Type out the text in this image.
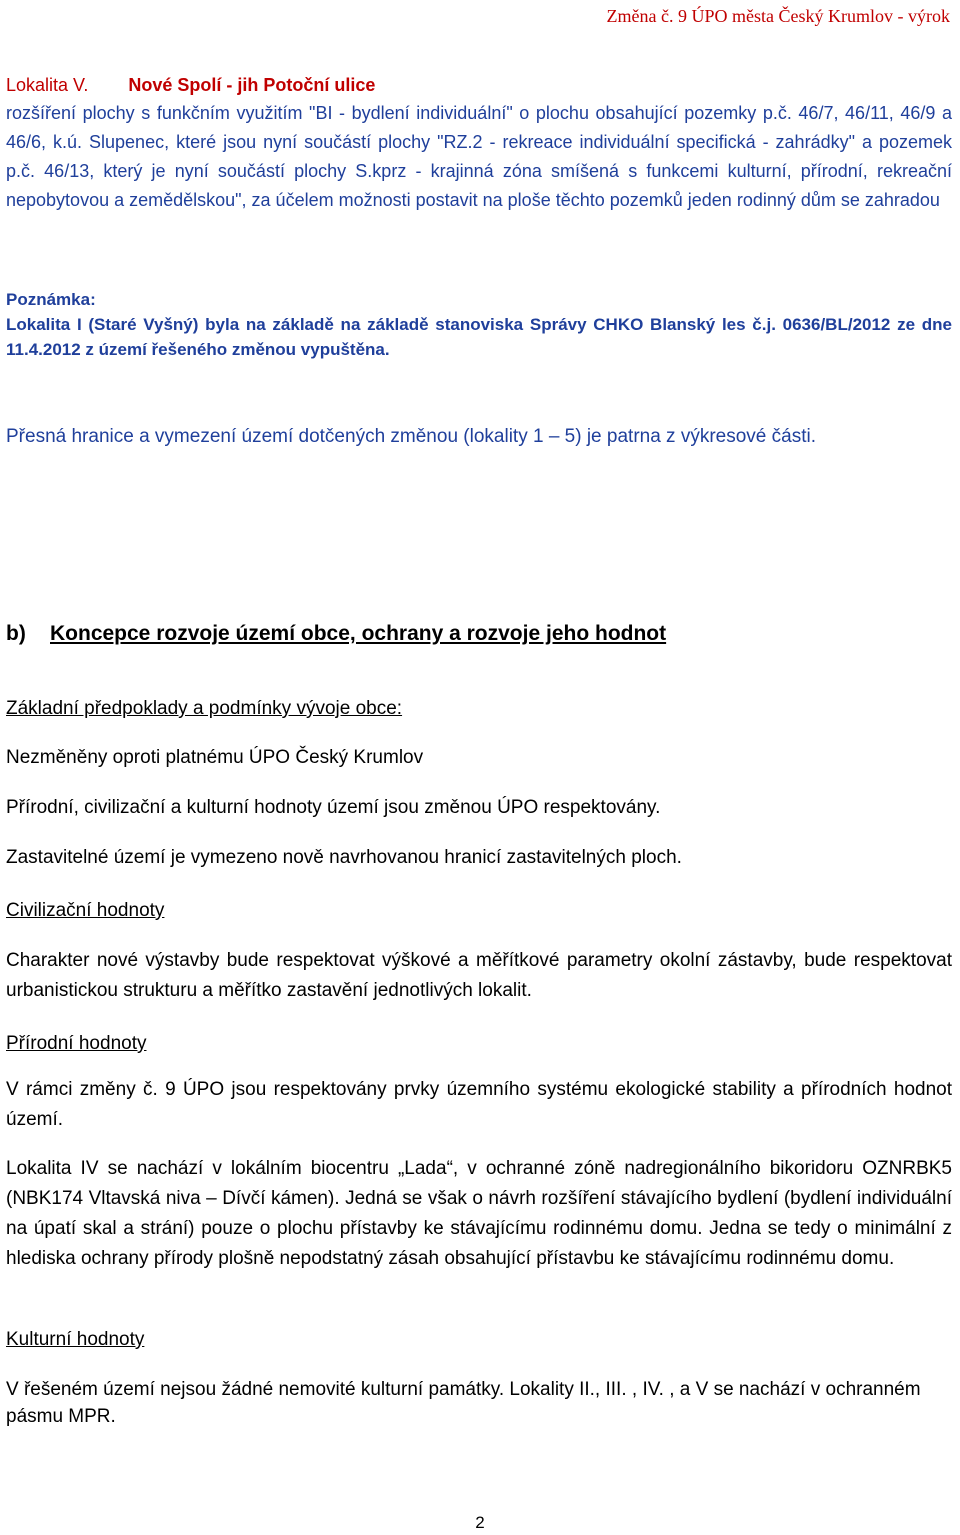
Změna č. 9 ÚPO města Český Krumlov - výrok
Lokalita V. Nové Spolí - jih Potoční ulice
rozšíření plochy s funkčním využitím "BI - bydlení individuální" o plochu obsahující pozemky p.č. 46/7, 46/11, 46/9 a 46/6, k.ú. Slupenec, které jsou nyní součástí plochy "RZ.2 - rekreace individuální specifická - zahrádky" a pozemek p.č. 46/13, který je nyní součástí plochy S.kprz - krajinná zóna smíšená s funkcemi kulturní, přírodní, rekreační nepobytovou a zemědělskou", za účelem možnosti postavit na ploše těchto pozemků jeden rodinný dům se zahradou
Poznámka:
Lokalita I (Staré Vyšný) byla na základě na základě stanoviska Správy CHKO Blanský les č.j. 0636/BL/2012 ze dne 11.4.2012 z území řešeného změnou vypuštěna.
Přesná hranice a vymezení území dotčených změnou (lokality 1 – 5) je patrna z výkresové části.
b) Koncepce rozvoje území obce, ochrany a rozvoje jeho hodnot
Základní předpoklady a podmínky vývoje obce:
Nezměněny oproti platnému ÚPO Český Krumlov
Přírodní, civilizační a kulturní hodnoty území jsou změnou ÚPO respektovány.
Zastavitelné území je vymezeno nově navrhovanou hranicí zastavitelných ploch.
Civilizační hodnoty
Charakter nové výstavby bude respektovat výškové a měřítkové parametry okolní zástavby, bude respektovat urbanistickou strukturu a měřítko zastavění jednotlivých lokalit.
Přírodní hodnoty
V rámci změny č. 9 ÚPO jsou respektovány prvky územního systému ekologické stability a přírodních hodnot území.
Lokalita IV se nachází v lokálním biocentru „Lada“, v ochranné zóně nadregionálního bikoridoru OZNRBK5 (NBK174 Vltavská niva – Dívčí kámen). Jedná se však o návrh rozšíření stávajícího bydlení (bydlení individuální na úpatí skal a strání) pouze o plochu přístavby ke stávajícímu rodinnému domu. Jedna se tedy o minimální z hlediska ochrany přírody plošně nepodstatný zásah obsahující přístavbu ke stávajícímu rodinnému domu.
Kulturní hodnoty
V řešeném území nejsou žádné nemovité kulturní památky. Lokality II., III. , IV. , a V se nachází v ochranném pásmu MPR.
2
